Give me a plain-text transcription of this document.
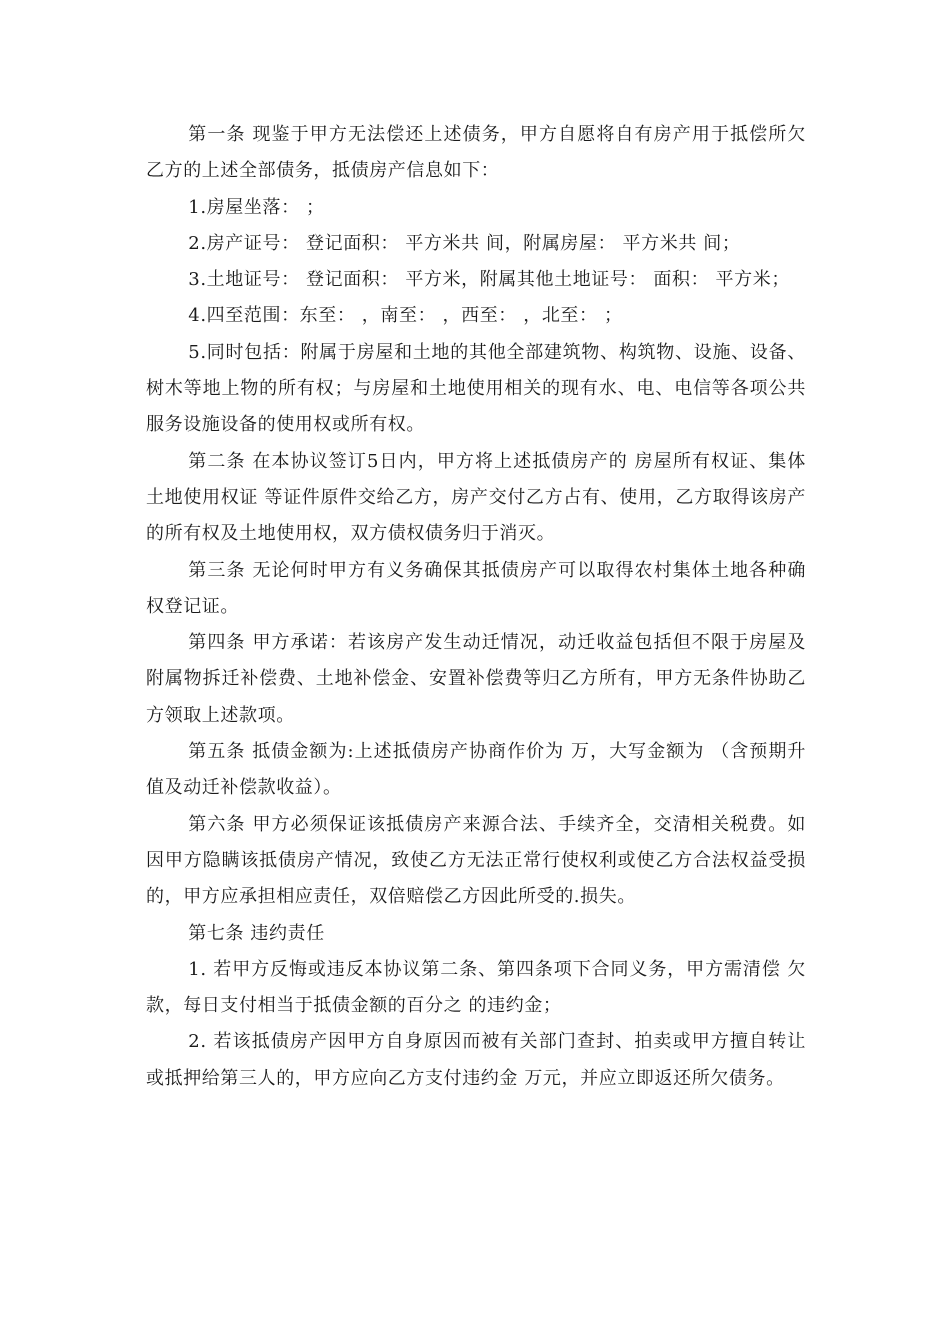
第一条 现鉴于甲方无法偿还上述债务，甲方自愿将自有房产用于抵偿所欠乙方的上述全部债务，抵债房产信息如下：

1.房屋坐落： ；

2.房产证号： 登记面积： 平方米共 间，附属房屋： 平方米共 间；

3.土地证号： 登记面积： 平方米，附属其他土地证号： 面积： 平方米；

4.四至范围：东至： ，南至： ，西至： ，北至： ；

5.同时包括：附属于房屋和土地的其他全部建筑物、构筑物、设施、设备、树木等地上物的所有权；与房屋和土地使用相关的现有水、电、电信等各项公共服务设施设备的使用权或所有权。

第二条 在本协议签订5日内，甲方将上述抵债房产的 房屋所有权证、集体土地使用权证 等证件原件交给乙方，房产交付乙方占有、使用，乙方取得该房产的所有权及土地使用权，双方债权债务归于消灭。

第三条 无论何时甲方有义务确保其抵债房产可以取得农村集体土地各种确权登记证。

第四条 甲方承诺：若该房产发生动迁情况，动迁收益包括但不限于房屋及附属物拆迁补偿费、土地补偿金、安置补偿费等归乙方所有，甲方无条件协助乙方领取上述款项。

第五条 抵债金额为:上述抵债房产协商作价为 万，大写金额为 （含预期升值及动迁补偿款收益）。

第六条 甲方必须保证该抵债房产来源合法、手续齐全，交清相关税费。如因甲方隐瞒该抵债房产情况，致使乙方无法正常行使权利或使乙方合法权益受损的，甲方应承担相应责任，双倍赔偿乙方因此所受的.损失。

第七条 违约责任

1. 若甲方反悔或违反本协议第二条、第四条项下合同义务，甲方需清偿 欠款，每日支付相当于抵债金额的百分之 的违约金；

2. 若该抵债房产因甲方自身原因而被有关部门查封、拍卖或甲方擅自转让或抵押给第三人的，甲方应向乙方支付违约金 万元，并应立即返还所欠债务。
